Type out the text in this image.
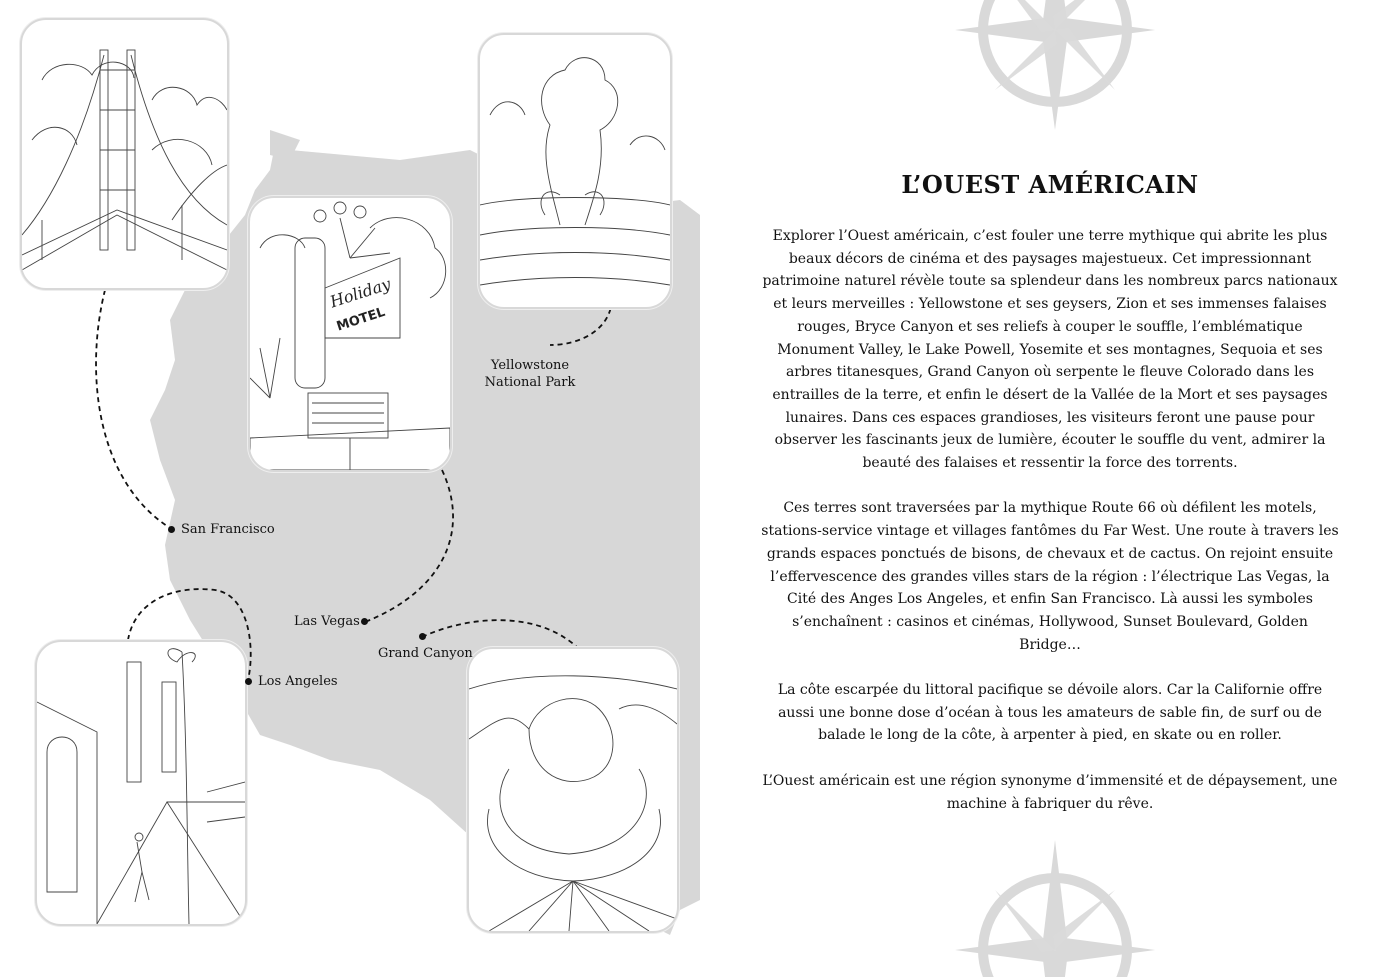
Holiday
MOTEL
San Francisco
Yellowstone
National Park
Las Vegas
Grand Canyon
Los Angeles
L’OUEST AMÉRICAIN

Explorer l’Ouest américain, c’est fouler une terre mythique qui abrite les plus beaux décors de cinéma et des paysages majestueux. Cet impressionnant patrimoine naturel révèle toute sa splendeur dans les nombreux parcs nationaux et leurs merveilles : Yellowstone et ses geysers, Zion et ses immenses falaises rouges, Bryce Canyon et ses reliefs à couper le souffle, l’emblématique Monument Valley, le Lake Powell, Yosemite et ses montagnes, Sequoia et ses arbres titanesques, Grand Canyon où serpente le fleuve Colorado dans les entrailles de la terre, et enfin le désert de la Vallée de la Mort et ses paysages lunaires. Dans ces espaces grandioses, les visiteurs feront une pause pour observer les fascinants jeux de lumière, écouter le souffle du vent, admirer la beauté des falaises et ressentir la force des torrents.

Ces terres sont traversées par la mythique Route 66 où défilent les motels, stations-service vintage et villages fantômes du Far West. Une route à travers les grands espaces ponctués de bisons, de chevaux et de cactus. On rejoint ensuite l’effervescence des grandes villes stars de la région : l’électrique Las Vegas, la Cité des Anges Los Angeles, et enfin San Francisco. Là aussi les symboles s’enchaînent : casinos et cinémas, Hollywood, Sunset Boulevard, Golden Bridge…

La côte escarpée du littoral pacifique se dévoile alors. Car la Californie offre aussi une bonne dose d’océan à tous les amateurs de sable fin, de surf ou de balade le long de la côte, à arpenter à pied, en skate ou en roller.

L’Ouest américain est une région synonyme d’immensité et de dépaysement, une machine à fabriquer du rêve.
